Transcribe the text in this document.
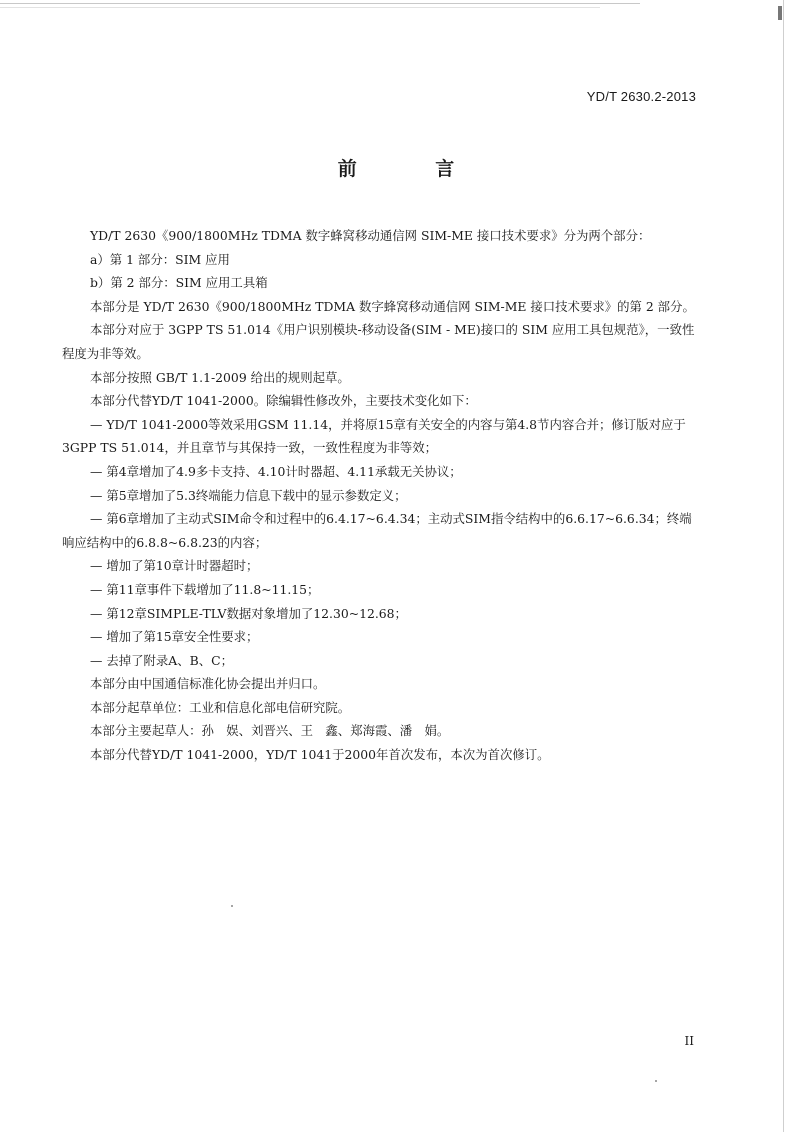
YD/T 2630.2-2013
前 言

YD/T 2630《900/1800MHz TDMA 数字蜂窝移动通信网 SIM-ME 接口技术要求》分为两个部分：

a）第 1 部分：SIM 应用

b）第 2 部分：SIM 应用工具箱

本部分是 YD/T 2630《900/1800MHz TDMA 数字蜂窝移动通信网 SIM-ME 接口技术要求》的第 2 部分。

本部分对应于 3GPP TS 51.014《用户识别模块-移动设备(SIM - ME)接口的 SIM 应用工具包规范》，一致性程度为非等效。

本部分按照 GB/T 1.1-2009 给出的规则起草。

本部分代替YD/T 1041-2000。除编辑性修改外，主要技术变化如下：

— YD/T 1041-2000等效采用GSM 11.14，并将原15章有关安全的内容与第4.8节内容合并；修订版对应于3GPP TS 51.014，并且章节与其保持一致，一致性程度为非等效；

— 第4章增加了4.9多卡支持、4.10计时器超、4.11承载无关协议；

— 第5章增加了5.3终端能力信息下载中的显示参数定义；

— 第6章增加了主动式SIM命令和过程中的6.4.17~6.4.34；主动式SIM指令结构中的6.6.17~6.6.34；终端响应结构中的6.8.8~6.8.23的内容；

— 增加了第10章计时器超时；

— 第11章事件下载增加了11.8~11.15；

— 第12章SIMPLE-TLV数据对象增加了12.30~12.68；

— 增加了第15章安全性要求；

— 去掉了附录A、B、C；

本部分由中国通信标准化协会提出并归口。

本部分起草单位：工业和信息化部电信研究院。

本部分主要起草人：孙　娱、刘晋兴、王　鑫、郑海霞、潘　娟。

本部分代替YD/T 1041-2000，YD/T 1041于2000年首次发布，本次为首次修订。

II
